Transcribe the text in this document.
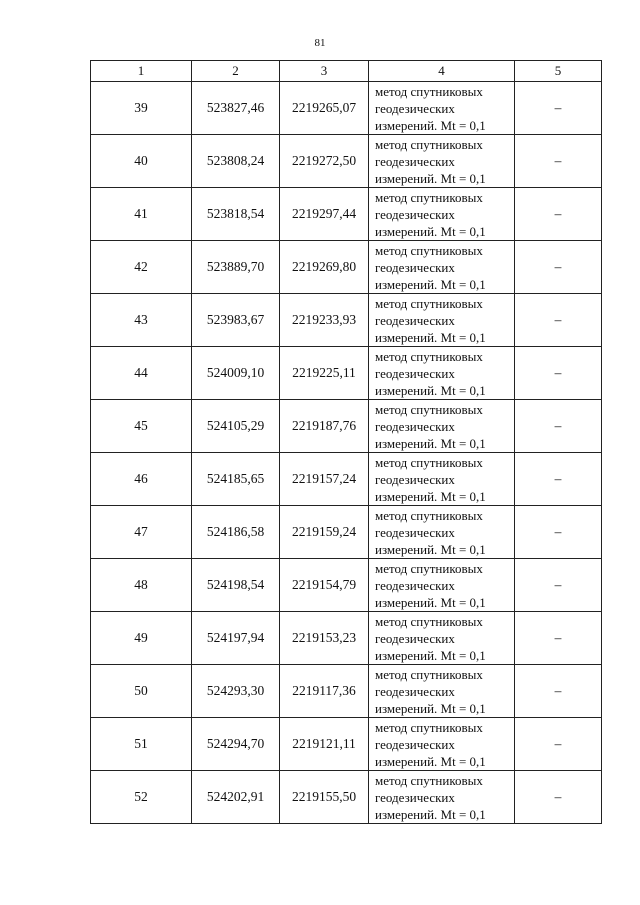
81
1	2	3	4	5
39	523827,46	2219265,07	метод спутниковых геодезических измерений. Mt = 0,1	–
40	523808,24	2219272,50	метод спутниковых геодезических измерений. Mt = 0,1	–
41	523818,54	2219297,44	метод спутниковых геодезических измерений. Mt = 0,1	–
42	523889,70	2219269,80	метод спутниковых геодезических измерений. Mt = 0,1	–
43	523983,67	2219233,93	метод спутниковых геодезических измерений. Mt = 0,1	–
44	524009,10	2219225,11	метод спутниковых геодезических измерений. Mt = 0,1	–
45	524105,29	2219187,76	метод спутниковых геодезических измерений. Mt = 0,1	–
46	524185,65	2219157,24	метод спутниковых геодезических измерений. Mt = 0,1	–
47	524186,58	2219159,24	метод спутниковых геодезических измерений. Mt = 0,1	–
48	524198,54	2219154,79	метод спутниковых геодезических измерений. Mt = 0,1	–
49	524197,94	2219153,23	метод спутниковых геодезических измерений. Mt = 0,1	–
50	524293,30	2219117,36	метод спутниковых геодезических измерений. Mt = 0,1	–
51	524294,70	2219121,11	метод спутниковых геодезических измерений. Mt = 0,1	–
52	524202,91	2219155,50	метод спутниковых геодезических измерений. Mt = 0,1	–
